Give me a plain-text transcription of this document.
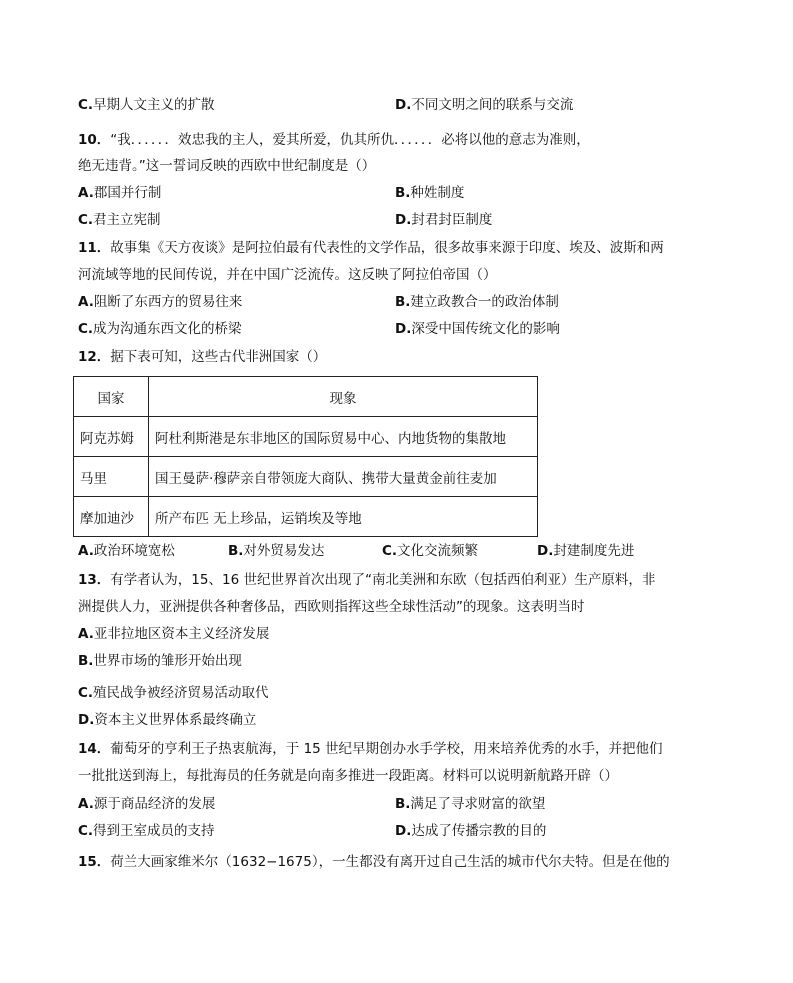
C.早期人文主义的扩散	D.不同文明之间的联系与交流
10．“我．．．．．．效忠我的主人，爱其所爱，仇其所仇．．．．．．必将以他的意志为准则，
绝无违背。”这一誓词反映的西欧中世纪制度是（）
A.郡国并行制	B.种姓制度
C.君主立宪制	D.封君封臣制度
11．故事集《天方夜谈》是阿拉伯最有代表性的文学作品，很多故事来源于印度、埃及、波斯和两
河流域等地的民间传说，并在中国广泛流传。这反映了阿拉伯帝国（）
A.阻断了东西方的贸易往来	B.建立政教合一的政治体制
C.成为沟通东西文化的桥梁	D.深受中国传统文化的影响
12．据下表可知，这些古代非洲国家（）
国家	现象
阿克苏姆	阿杜利斯港是东非地区的国际贸易中心、内地货物的集散地
马里	国王曼萨·穆萨亲自带领庞大商队、携带大量黄金前往麦加
摩加迪沙	所产布匹 无上珍品，运销埃及等地
A.政治环境宽松	B.对外贸易发达	C.文化交流频繁	D.封建制度先进
13．有学者认为，15、16 世纪世界首次出现了“南北美洲和东欧（包括西伯利亚）生产原料，非
洲提供人力，亚洲提供各种奢侈品，西欧则指挥这些全球性活动”的现象。这表明当时
A.亚非拉地区资本主义经济发展
B.世界市场的雏形开始出现
C.殖民战争被经济贸易活动取代
D.资本主义世界体系最终确立
14．葡萄牙的亨利王子热衷航海，于 15 世纪早期创办水手学校，用来培养优秀的水手，并把他们
一批批送到海上，每批海员的任务就是向南多推进一段距离。材料可以说明新航路开辟（）
A.源于商品经济的发展	B.满足了寻求财富的欲望
C.得到王室成员的支持	D.达成了传播宗教的目的
15．荷兰大画家维米尔（1632−1675），一生都没有离开过自己生活的城市代尔夫特。但是在他的
